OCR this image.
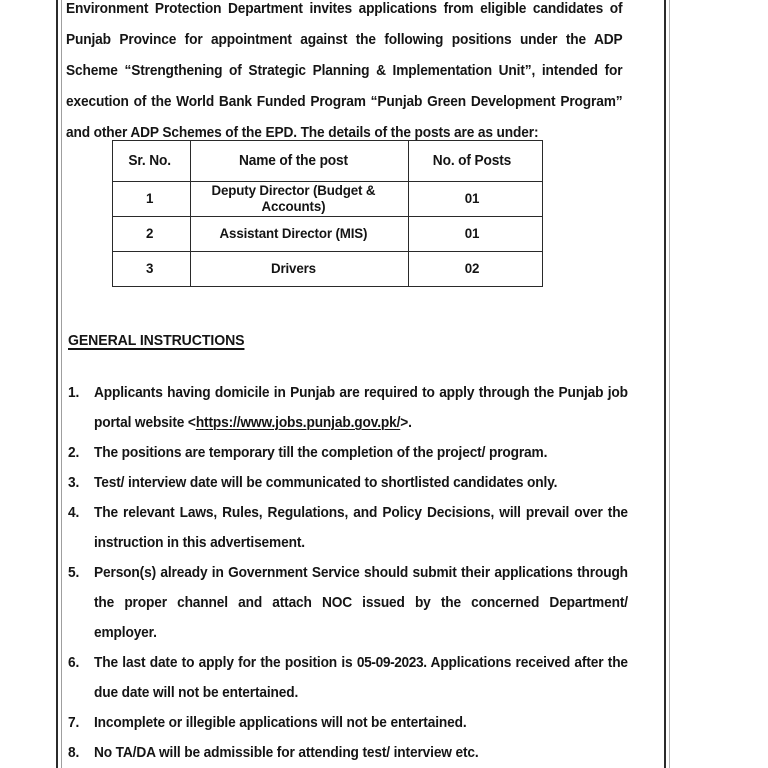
Environment Protection Department invites applications from eligible candidates of Punjab Province for appointment against the following positions under the ADP Scheme “Strengthening of Strategic Planning & Implementation Unit”, intended for execution of the World Bank Funded Program “Punjab Green Development Program” and other ADP Schemes of the EPD. The details of the posts are as under:

Sr. No.	Name of the post	No. of Posts
1	Deputy Director (Budget & Accounts)	01
2	Assistant Director (MIS)	01
3	Drivers	02
GENERAL INSTRUCTIONS
1.	Applicants having domicile in Punjab are required to apply through the Punjab job portal website <https://www.jobs.punjab.gov.pk/>.
2.	The positions are temporary till the completion of the project/ program.
3.	Test/ interview date will be communicated to shortlisted candidates only.
4.	The relevant Laws, Rules, Regulations, and Policy Decisions, will prevail over the instruction in this advertisement.
5.	Person(s) already in Government Service should submit their applications through the proper channel and attach NOC issued by the concerned Department/ employer.
6.	The last date to apply for the position is 05-09-2023. Applications received after the due date will not be entertained.
7.	Incomplete or illegible applications will not be entertained.
8.	No TA/DA will be admissible for attending test/ interview etc.
